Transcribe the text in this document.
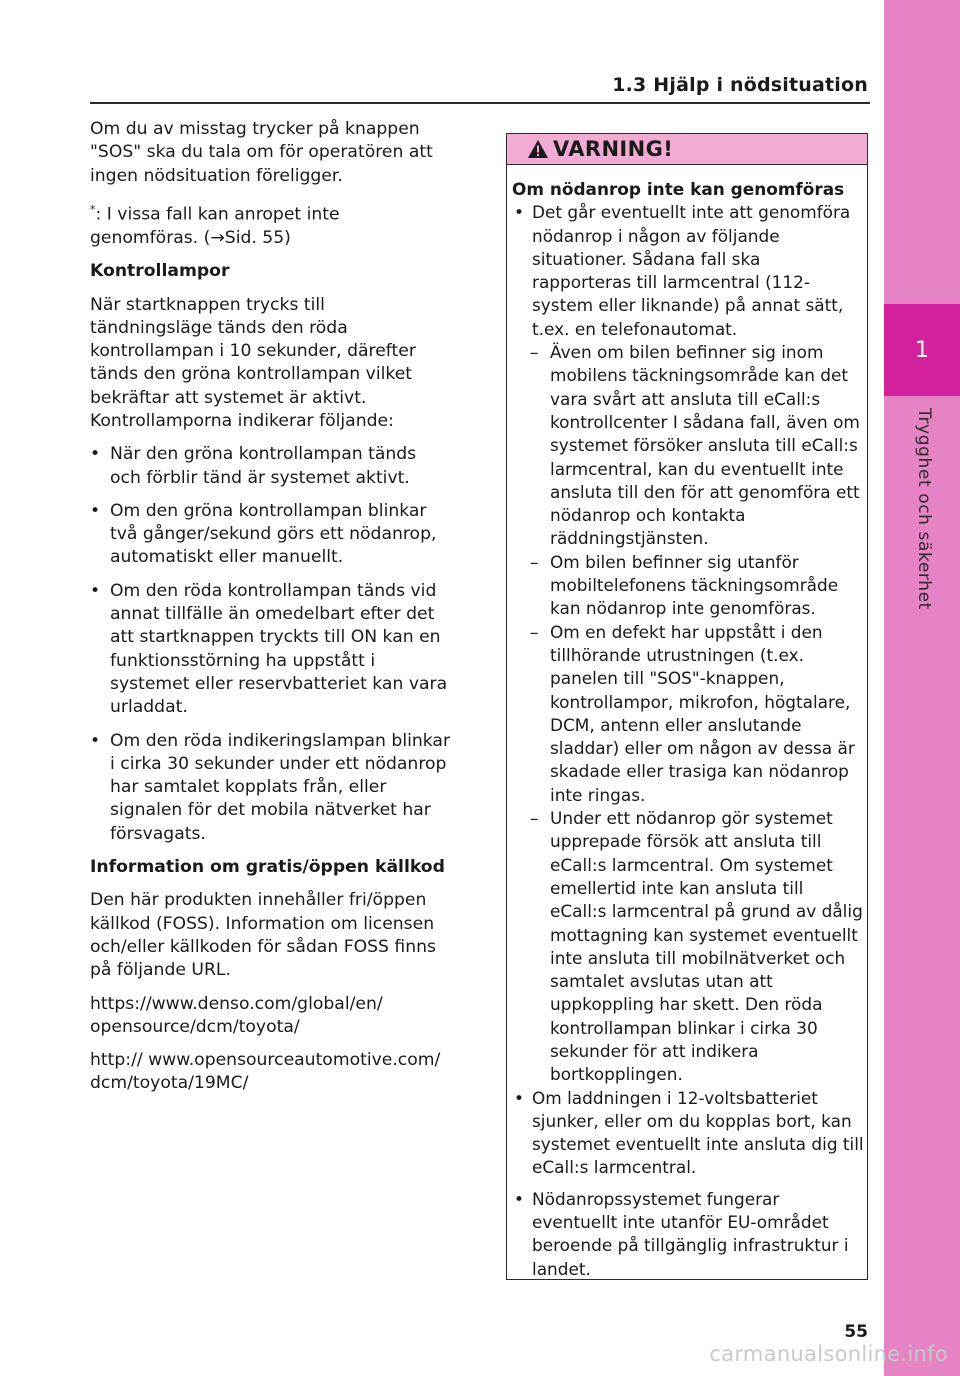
1.3 Hjälp i nödsituation
1
Trygghet och säkerhet

Om du av misstag trycker på knappen "SOS" ska du tala om för operatören att ingen nödsituation föreligger.

*: I vissa fall kan anropet inte genomföras. (→Sid. 55)

Kontrollampor

När startknappen trycks till tändningsläge tänds den röda kontrollampan i 10 sekunder, därefter tänds den gröna kontrollampan vilket bekräftar att systemet är aktivt. Kontrollamporna indikerar följande:

• När den gröna kontrollampan tänds och förblir tänd är systemet aktivt.

• Om den gröna kontrollampan blinkar två gånger/sekund görs ett nödanrop, automatiskt eller manuellt.

• Om den röda kontrollampan tänds vid annat tillfälle än omedelbart efter det att startknappen tryckts till ON kan en funktionsstörning ha uppstått i systemet eller reservbatteriet kan vara urladdat.

• Om den röda indikeringslampan blinkar i cirka 30 sekunder under ett nödanrop har samtalet kopplats från, eller signalen för det mobila nätverket har försvagats.

Information om gratis/öppen källkod

Den här produkten innehåller fri/öppen källkod (FOSS). Information om licensen och/eller källkoden för sådan FOSS finns på följande URL.

https://www.denso.com/global/en/ opensource/dcm/toyota/

http:// www.opensourceautomotive.com/ dcm/toyota/19MC/

VARNING!

Om nödanrop inte kan genomföras

• Det går eventuellt inte att genomföra nödanrop i någon av följande situationer. Sådana fall ska rapporteras till larmcentral (112-system eller liknande) på annat sätt, t.ex. en telefonautomat.

– Även om bilen befinner sig inom mobilens täckningsområde kan det vara svårt att ansluta till eCall:s kontrollcenter I sådana fall, även om systemet försöker ansluta till eCall:s larmcentral, kan du eventuellt inte ansluta till den för att genomföra ett nödanrop och kontakta räddningstjänsten.

– Om bilen befinner sig utanför mobiltelefonens täckningsområde kan nödanrop inte genomföras.

– Om en defekt har uppstått i den tillhörande utrustningen (t.ex. panelen till "SOS"-knappen, kontrollampor, mikrofon, högtalare, DCM, antenn eller anslutande sladdar) eller om någon av dessa är skadade eller trasiga kan nödanrop inte ringas.

– Under ett nödanrop gör systemet upprepade försök att ansluta till eCall:s larmcentral. Om systemet emellertid inte kan ansluta till eCall:s larmcentral på grund av dålig mottagning kan systemet eventuellt inte ansluta till mobilnätverket och samtalet avslutas utan att uppkoppling har skett. Den röda kontrollampan blinkar i cirka 30 sekunder för att indikera bortkopplingen.

• Om laddningen i 12-voltsbatteriet sjunker, eller om du kopplas bort, kan systemet eventuellt inte ansluta dig till eCall:s larmcentral.

• Nödanropssystemet fungerar eventuellt inte utanför EU-området beroende på tillgänglig infrastruktur i landet.

55
carmanualsonline.info
